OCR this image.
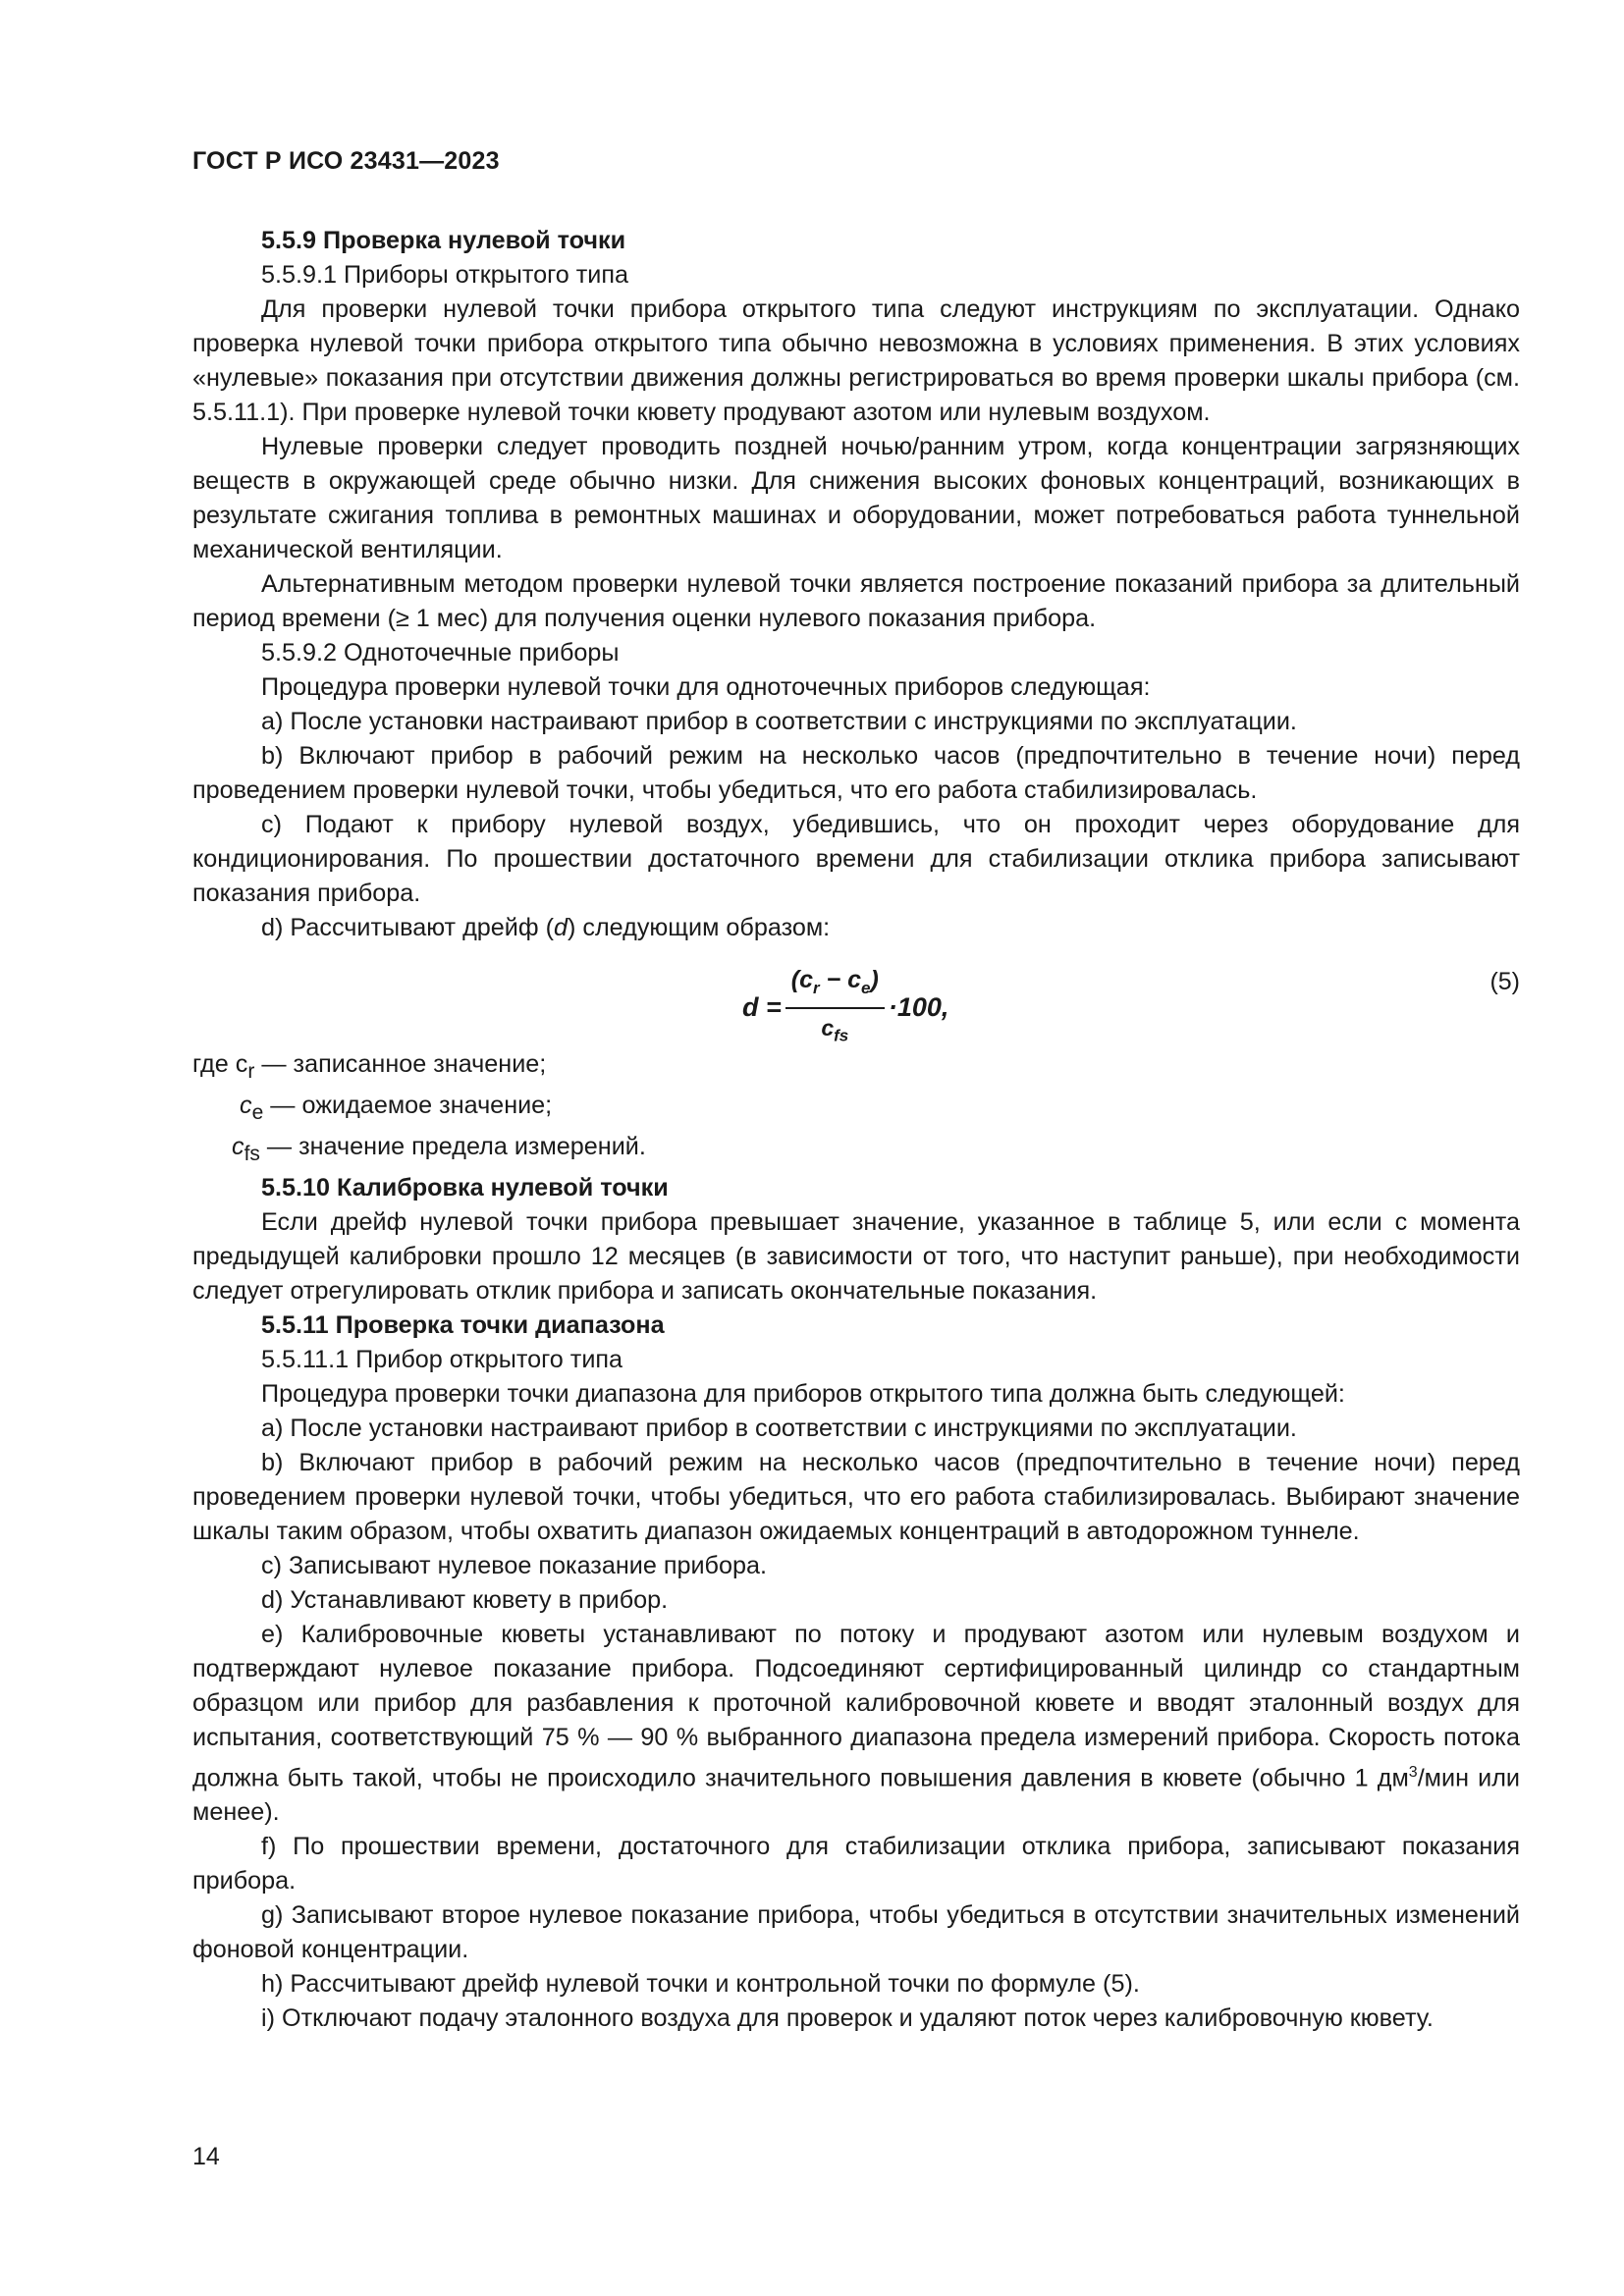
ГОСТ Р ИСО 23431—2023

5.5.9 Проверка нулевой точки

5.5.9.1 Приборы открытого типа

Для проверки нулевой точки прибора открытого типа следуют инструкциям по эксплуатации. Однако проверка нулевой точки прибора открытого типа обычно невозможна в условиях применения. В этих условиях «нулевые» показания при отсутствии движения должны регистрироваться во время проверки шкалы прибора (см. 5.5.11.1). При проверке нулевой точки кювету продувают азотом или нулевым воздухом.

Нулевые проверки следует проводить поздней ночью/ранним утром, когда концентрации загрязняющих веществ в окружающей среде обычно низки. Для снижения высоких фоновых концентраций, возникающих в результате сжигания топлива в ремонтных машинах и оборудовании, может потребоваться работа туннельной механической вентиляции.

Альтернативным методом проверки нулевой точки является построение показаний прибора за длительный период времени (≥ 1 мес) для получения оценки нулевого показания прибора.

5.5.9.2 Одноточечные приборы

Процедура проверки нулевой точки для одноточечных приборов следующая:

a) После установки настраивают прибор в соответствии с инструкциями по эксплуатации.

b) Включают прибор в рабочий режим на несколько часов (предпочтительно в течение ночи) перед проведением проверки нулевой точки, чтобы убедиться, что его работа стабилизировалась.

c) Подают к прибору нулевой воздух, убедившись, что он проходит через оборудование для кондиционирования. По прошествии достаточного времени для стабилизации отклика прибора записывают показания прибора.

d) Рассчитывают дрейф (d) следующим образом:

$d = \frac{(c_r - c_e)}{c_{fs}} \cdot 100$,
(5)

где $c_r$ — записанное значение;

$c_e$ — ожидаемое значение;

$c_{fs}$ — значение предела измерений.

5.5.10 Калибровка нулевой точки

Если дрейф нулевой точки прибора превышает значение, указанное в таблице 5, или если с момента предыдущей калибровки прошло 12 месяцев (в зависимости от того, что наступит раньше), при необходимости следует отрегулировать отклик прибора и записать окончательные показания.

5.5.11 Проверка точки диапазона

5.5.11.1 Прибор открытого типа

Процедура проверки точки диапазона для приборов открытого типа должна быть следующей:

a) После установки настраивают прибор в соответствии с инструкциями по эксплуатации.

b) Включают прибор в рабочий режим на несколько часов (предпочтительно в течение ночи) перед проведением проверки нулевой точки, чтобы убедиться, что его работа стабилизировалась. Выбирают значение шкалы таким образом, чтобы охватить диапазон ожидаемых концентраций в автодорожном туннеле.

c) Записывают нулевое показание прибора.

d) Устанавливают кювету в прибор.

e) Калибровочные кюветы устанавливают по потоку и продувают азотом или нулевым воздухом и подтверждают нулевое показание прибора. Подсоединяют сертифицированный цилиндр со стандартным образцом или прибор для разбавления к проточной калибровочной кювете и вводят эталонный воздух для испытания, соответствующий 75 % — 90 % выбранного диапазона предела измерений прибора. Скорость потока должна быть такой, чтобы не происходило значительного повышения давления в кювете (обычно 1 $дм^3$/мин или менее).

f) По прошествии времени, достаточного для стабилизации отклика прибора, записывают показания прибора.

g) Записывают второе нулевое показание прибора, чтобы убедиться в отсутствии значительных изменений фоновой концентрации.

h) Рассчитывают дрейф нулевой точки и контрольной точки по формуле (5).

i) Отключают подачу эталонного воздуха для проверок и удаляют поток через калибровочную кювету.

14
